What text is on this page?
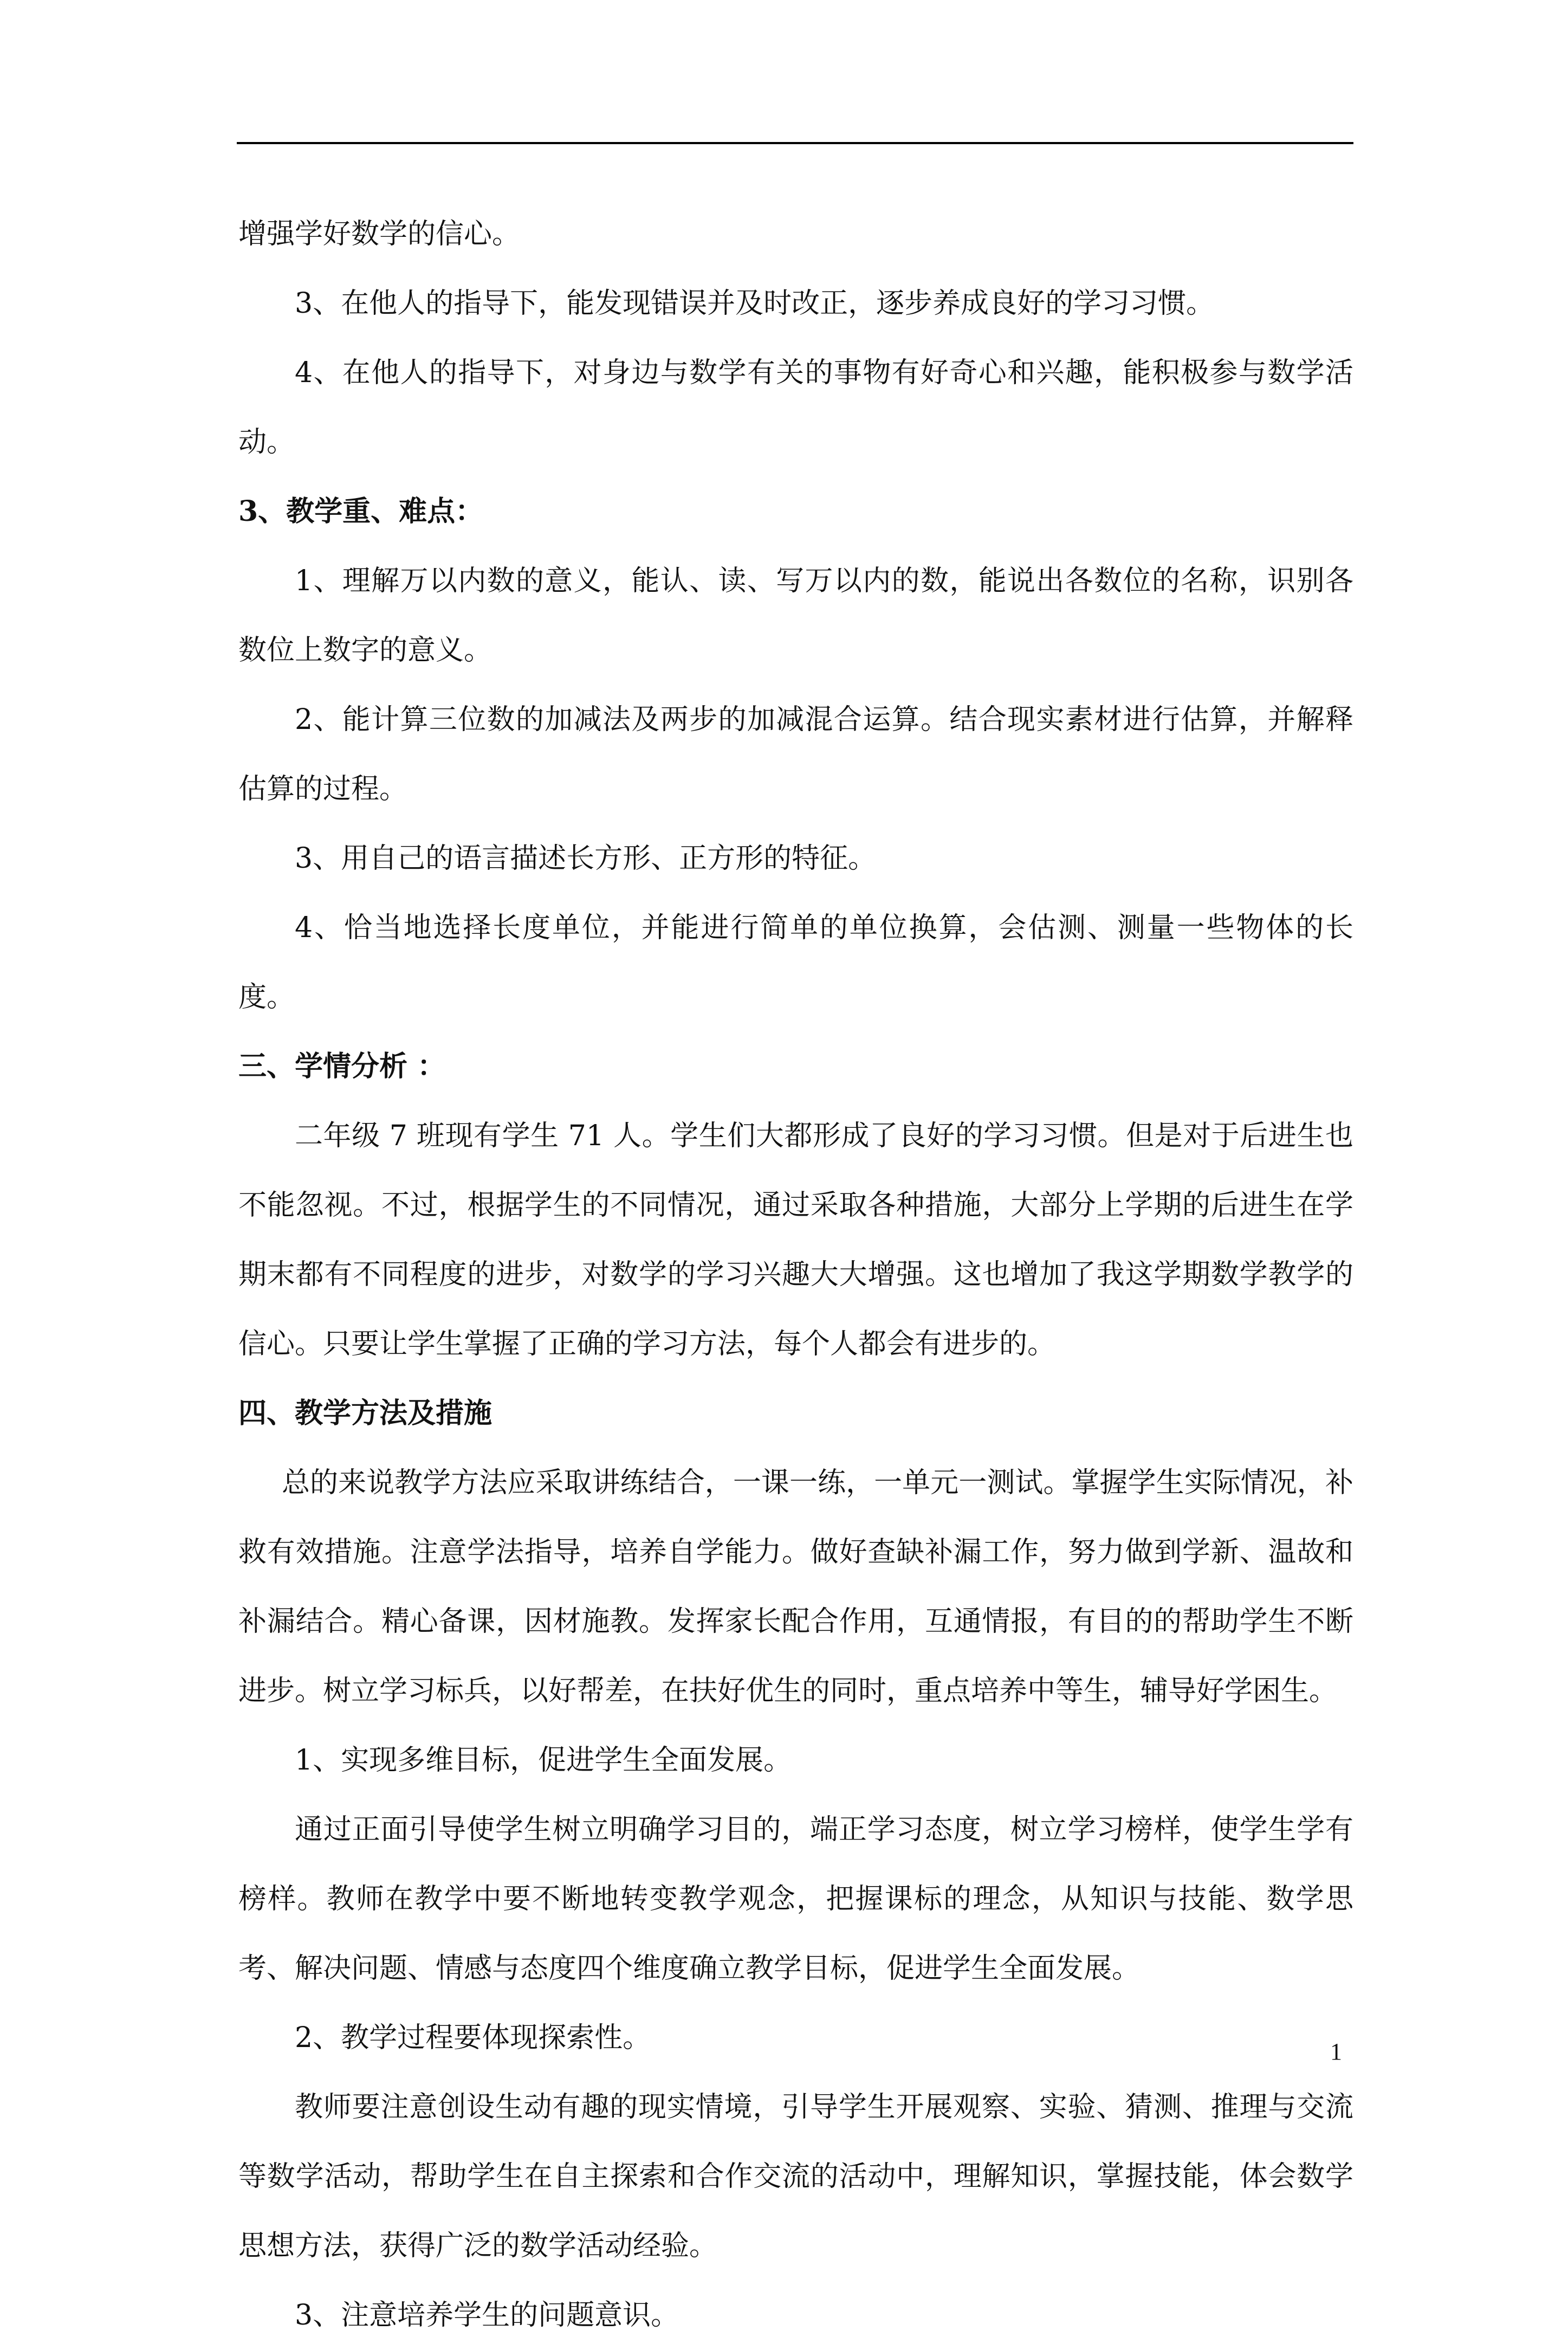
增强学好数学的信心。

3、在他人的指导下，能发现错误并及时改正，逐步养成良好的学习习惯。

4、在他人的指导下，对身边与数学有关的事物有好奇心和兴趣，能积极参与数学活动。

3、教学重、难点：

1、理解万以内数的意义，能认、读、写万以内的数，能说出各数位的名称，识别各数位上数字的意义。

2、能计算三位数的加减法及两步的加减混合运算。结合现实素材进行估算，并解释估算的过程。

3、用自己的语言描述长方形、正方形的特征。

4、恰当地选择长度单位，并能进行简单的单位换算，会估测、测量一些物体的长度。

三、学情分析 ：

二年级 7 班现有学生 71 人。学生们大都形成了良好的学习习惯。但是对于后进生也不能忽视。不过，根据学生的不同情况，通过采取各种措施，大部分上学期的后进生在学期末都有不同程度的进步，对数学的学习兴趣大大增强。这也增加了我这学期数学教学的信心。只要让学生掌握了正确的学习方法，每个人都会有进步的。

四、教学方法及措施

总的来说教学方法应采取讲练结合，一课一练，一单元一测试。掌握学生实际情况，补救有效措施。注意学法指导，培养自学能力。做好查缺补漏工作，努力做到学新、温故和补漏结合。精心备课，因材施教。发挥家长配合作用，互通情报，有目的的帮助学生不断进步。树立学习标兵，以好帮差，在扶好优生的同时，重点培养中等生，辅导好学困生。

1、实现多维目标，促进学生全面发展。

通过正面引导使学生树立明确学习目的，端正学习态度，树立学习榜样，使学生学有榜样。教师在教学中要不断地转变教学观念，把握课标的理念，从知识与技能、数学思考、解决问题、情感与态度四个维度确立教学目标，促进学生全面发展。

2、教学过程要体现探索性。

教师要注意创设生动有趣的现实情境，引导学生开展观察、实验、猜测、推理与交流等数学活动，帮助学生在自主探索和合作交流的活动中，理解知识，掌握技能，体会数学思想方法，获得广泛的数学活动经验。

3、注意培养学生的问题意识。

1
